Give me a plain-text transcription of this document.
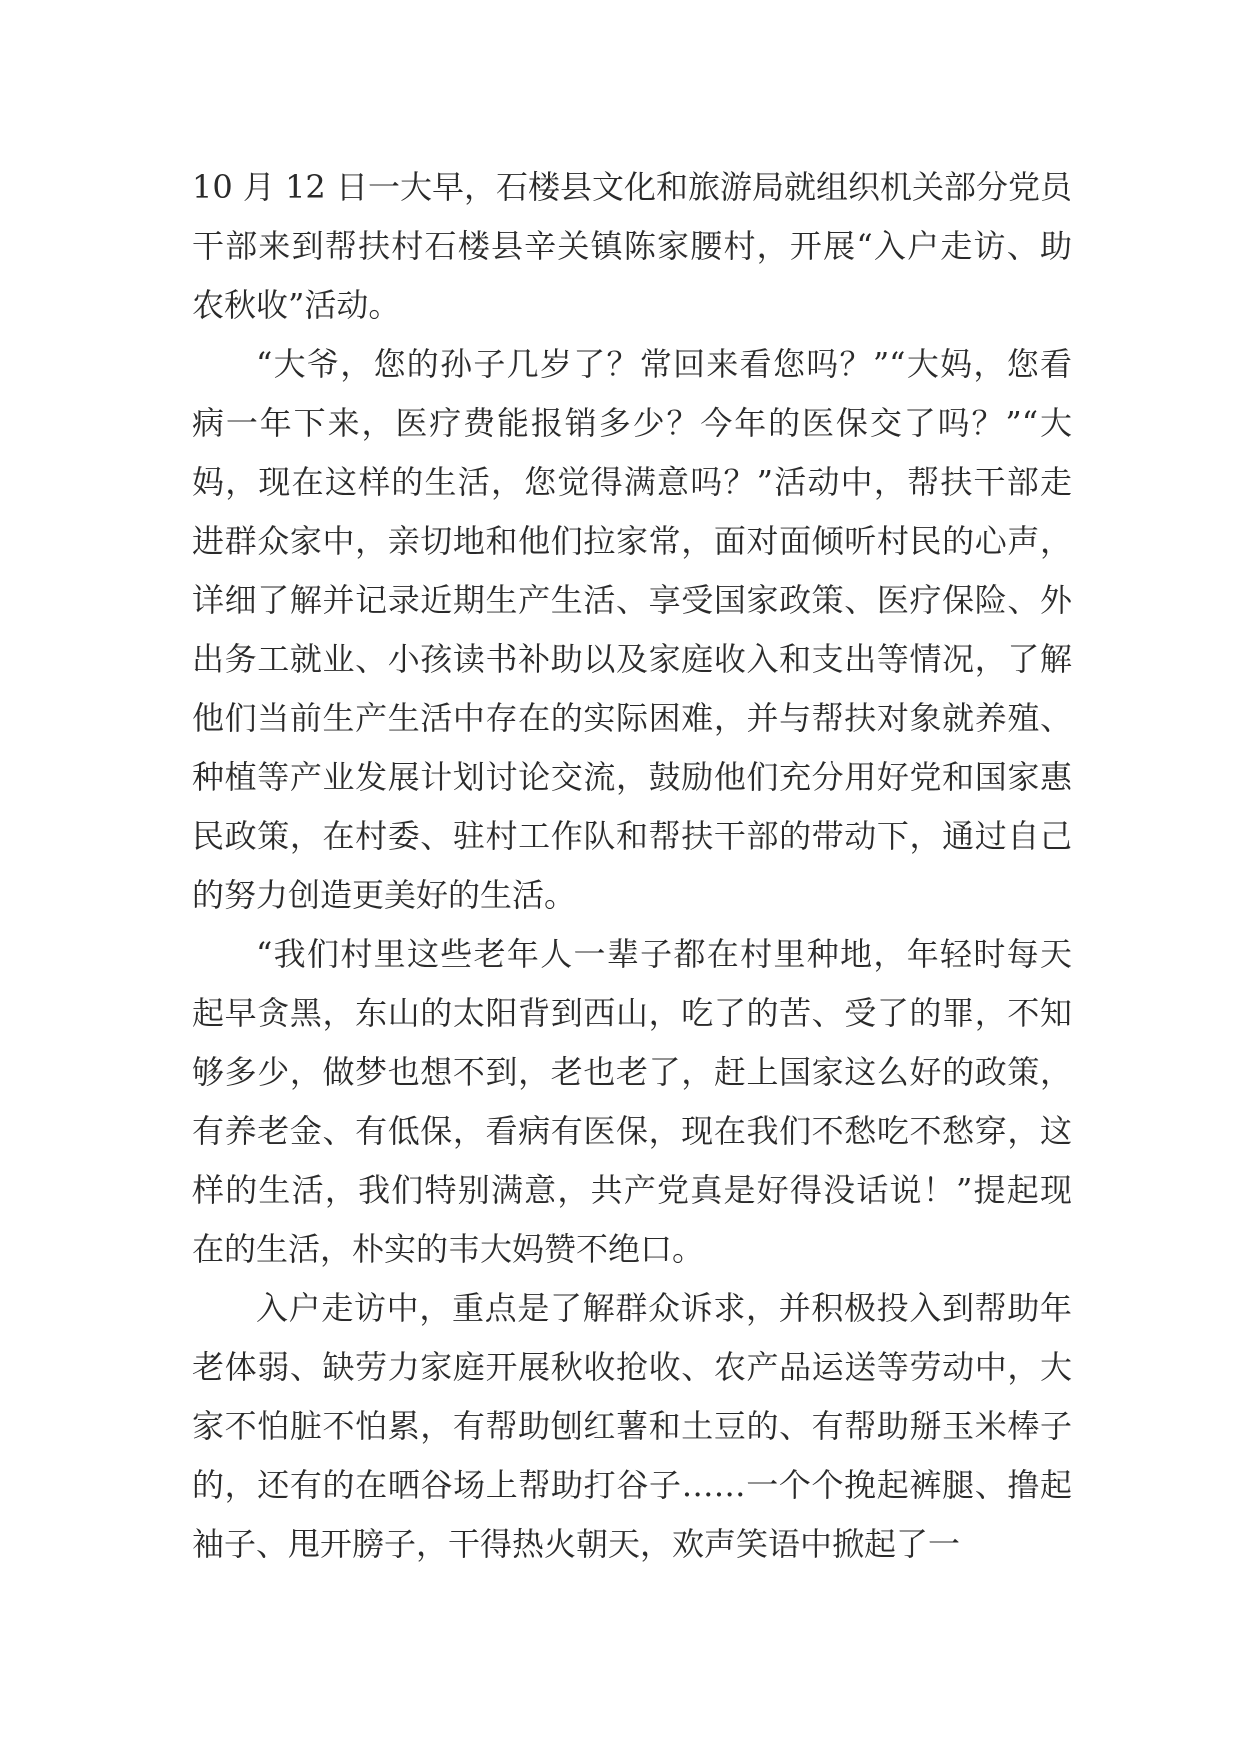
10 月 12 日一大早，石楼县文化和旅游局就组织机关部分党员干部来到帮扶村石楼县辛关镇陈家腰村，开展“入户走访、助农秋收”活动。

“大爷，您的孙子几岁了？常回来看您吗？”“大妈，您看病一年下来，医疗费能报销多少？今年的医保交了吗？”“大妈，现在这样的生活，您觉得满意吗？”活动中，帮扶干部走进群众家中，亲切地和他们拉家常，面对面倾听村民的心声，详细了解并记录近期生产生活、享受国家政策、医疗保险、外出务工就业、小孩读书补助以及家庭收入和支出等情况，了解他们当前生产生活中存在的实际困难，并与帮扶对象就养殖、种植等产业发展计划讨论交流，鼓励他们充分用好党和国家惠民政策，在村委、驻村工作队和帮扶干部的带动下，通过自己的努力创造更美好的生活。

“我们村里这些老年人一辈子都在村里种地，年轻时每天起早贪黑，东山的太阳背到西山，吃了的苦、受了的罪，不知够多少，做梦也想不到，老也老了，赶上国家这么好的政策，有养老金、有低保，看病有医保，现在我们不愁吃不愁穿，这样的生活，我们特别满意，共产党真是好得没话说！”提起现在的生活，朴实的韦大妈赞不绝口。

入户走访中，重点是了解群众诉求，并积极投入到帮助年老体弱、缺劳力家庭开展秋收抢收、农产品运送等劳动中，大家不怕脏不怕累，有帮助刨红薯和土豆的、有帮助掰玉米棒子的，还有的在晒谷场上帮助打谷子……一个个挽起裤腿、撸起袖子、甩开膀子，干得热火朝天，欢声笑语中掀起了一
